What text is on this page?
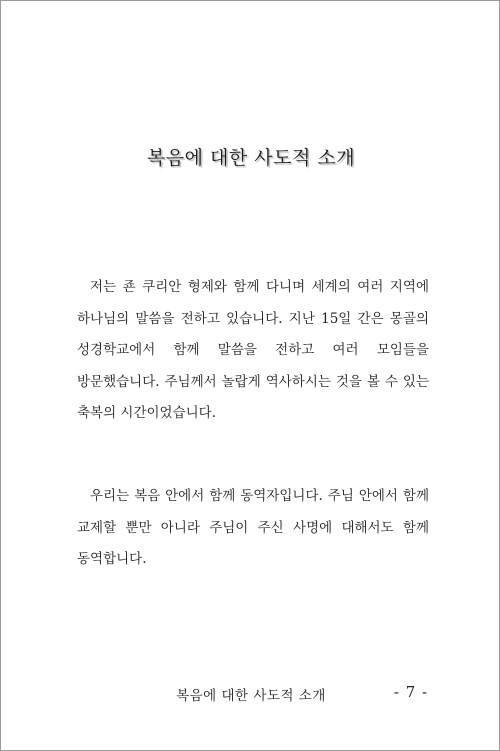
복음에 대한 사도적 소개

저는 죤 쿠리안 형제와 함께 다니며 세계의 여러 지역에 하나님의 말씀을 전하고 있습니다. 지난 15일 간은 몽골의 성경학교에서 함께 말씀을 전하고 여러 모임들을 방문했습니다. 주님께서 놀랍게 역사하시는 것을 볼 수 있는 축복의 시간이었습니다.

우리는 복음 안에서 함께 동역자입니다. 주님 안에서 함께 교제할 뿐만 아니라 주님이 주신 사명에 대해서도 함께 동역합니다.

복음에 대한 사도적 소개	- 7 -
